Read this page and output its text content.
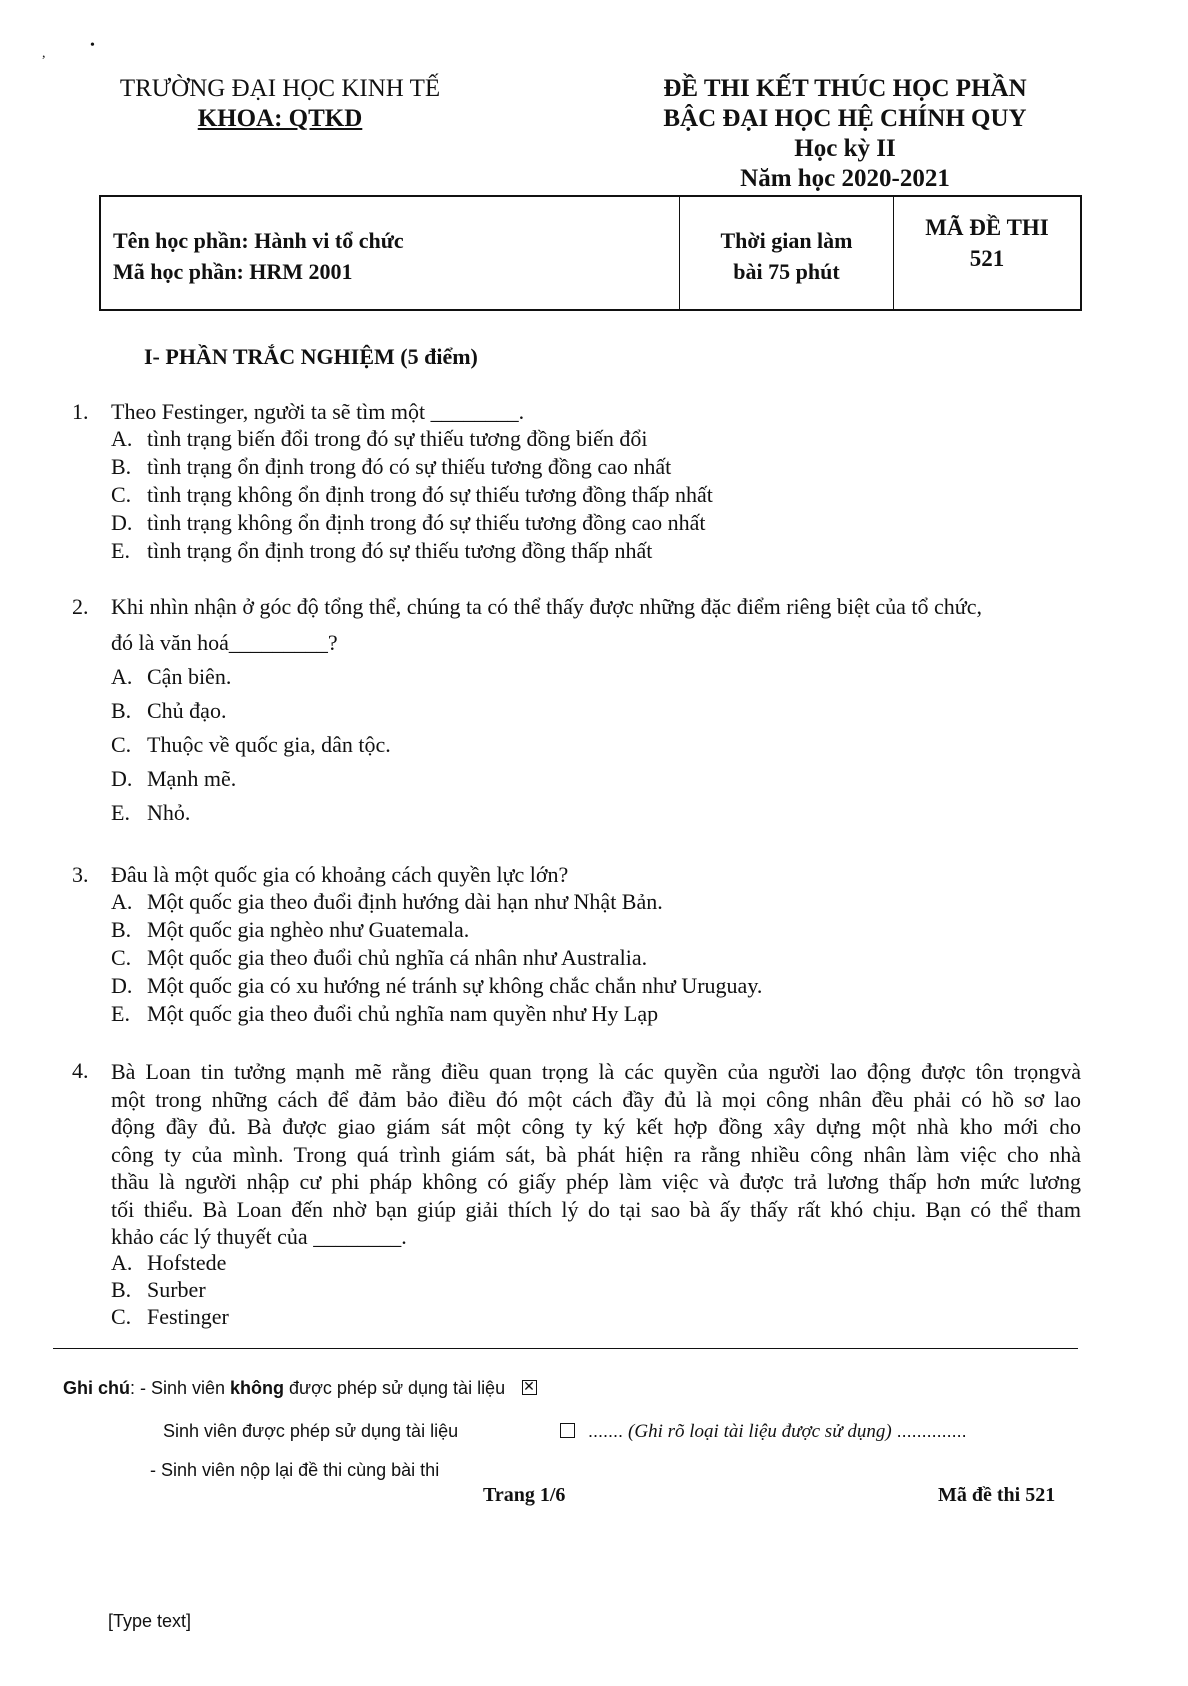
,
•
TRƯỜNG ĐẠI HỌC KINH TẾ
KHOA: QTKD
ĐỀ THI KẾT THÚC HỌC PHẦN
BẬC ĐẠI HỌC HỆ CHÍNH QUY
Học kỳ II
Năm học 2020-2021
Tên học phần: Hành vi tổ chức
Mã học phần: HRM 2001
Thời gian làm
bài 75 phút
MÃ ĐỀ THI
521
I- PHẦN TRẮC NGHIỆM (5 điểm)
1. Theo Festinger, người ta sẽ tìm một ________.
A. tình trạng biến đổi trong đó sự thiếu tương đồng biến đổi
B. tình trạng ổn định trong đó có sự thiếu tương đồng cao nhất
C. tình trạng không ổn định trong đó sự thiếu tương đồng thấp nhất
D. tình trạng không ổn định trong đó sự thiếu tương đồng cao nhất
E. tình trạng ổn định trong đó sự thiếu tương đồng thấp nhất
2. Khi nhìn nhận ở góc độ tổng thể, chúng ta có thể thấy được những đặc điểm riêng biệt của tổ chức,
đó là văn hoá_________?
A. Cận biên.
B. Chủ đạo.
C. Thuộc về quốc gia, dân tộc.
D. Mạnh mẽ.
E. Nhỏ.
3. Đâu là một quốc gia có khoảng cách quyền lực lớn?
A. Một quốc gia theo đuổi định hướng dài hạn như Nhật Bản.
B. Một quốc gia nghèo như Guatemala.
C. Một quốc gia theo đuổi chủ nghĩa cá nhân như Australia.
D. Một quốc gia có xu hướng né tránh sự không chắc chắn như Uruguay.
E. Một quốc gia theo đuổi chủ nghĩa nam quyền như Hy Lạp
4. Bà Loan tin tưởng mạnh mẽ rằng điều quan trọng là các quyền của người lao động được tôn trọngvà
một trong những cách để đảm bảo điều đó một cách đầy đủ là mọi công nhân đều phải có hồ sơ lao
động đầy đủ. Bà được giao giám sát một công ty ký kết hợp đồng xây dựng một nhà kho mới cho
công ty của mình. Trong quá trình giám sát, bà phát hiện ra rằng nhiều công nhân làm việc cho nhà
thầu là người nhập cư phi pháp không có giấy phép làm việc và được trả lương thấp hơn mức lương
tối thiểu. Bà Loan đến nhờ bạn giúp giải thích lý do tại sao bà ấy thấy rất khó chịu. Bạn có thể tham
khảo các lý thuyết của ________.
A. Hofstede
B. Surber
C. Festinger
Ghi chú: - Sinh viên không được phép sử dụng tài liệu ✕
Sinh viên được phép sử dụng tài liệu	....... (Ghi rõ loại tài liệu được sử dụng) ..............
- Sinh viên nộp lại đề thi cùng bài thi
Trang 1/6	Mã đề thi 521
[Type text]
